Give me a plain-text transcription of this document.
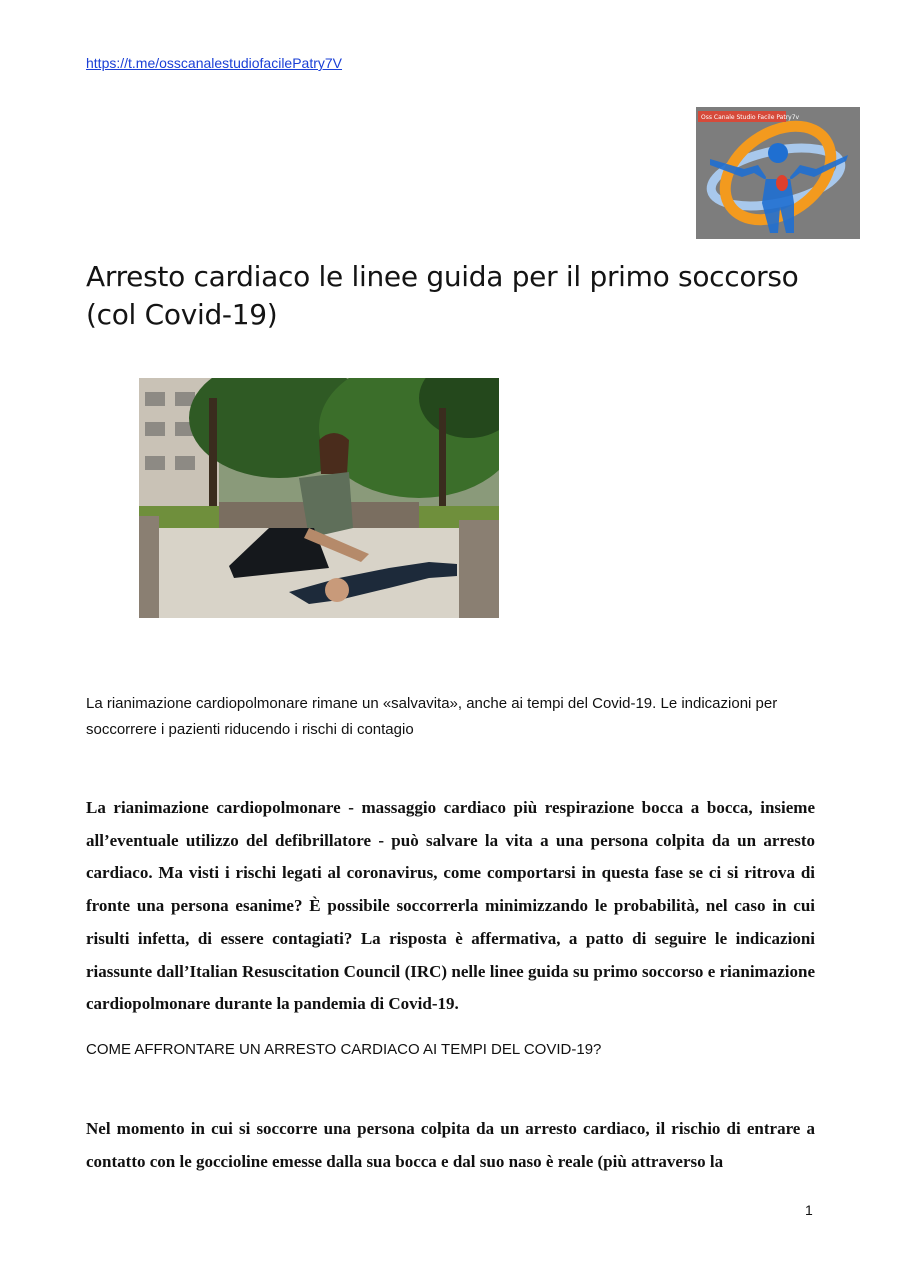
https://t.me/osscanalestudiofacilePatry7V
Oss Canale Studio Facile Patry7v
Arresto cardiaco le linee guida per il primo soccorso (col Covid-19)

La rianimazione cardiopolmonare rimane un «salvavita», anche ai tempi del Covid-19. Le indicazioni per soccorrere i pazienti riducendo i rischi di contagio

La rianimazione cardiopolmonare - massaggio cardiaco più respirazione bocca a bocca, insieme all’eventuale utilizzo del defibrillatore - può salvare la vita a una persona colpita da un arresto cardiaco. Ma visti i rischi legati al coronavirus, come comportarsi in questa fase se ci si ritrova di fronte una persona esanime? È possibile soccorrerla minimizzando le probabilità, nel caso in cui risulti infetta, di essere contagiati? La risposta è affermativa, a patto di seguire le indicazioni riassunte dall’Italian Resuscitation Council (IRC) nelle linee guida su primo soccorso e rianimazione cardiopolmonare durante la pandemia di Covid-19.

COME AFFRONTARE UN ARRESTO CARDIACO AI TEMPI DEL COVID-19?

Nel momento in cui si soccorre una persona colpita da un arresto cardiaco, il rischio di entrare a contatto con le goccioline emesse dalla sua bocca e dal suo naso è reale (più attraverso la

1
